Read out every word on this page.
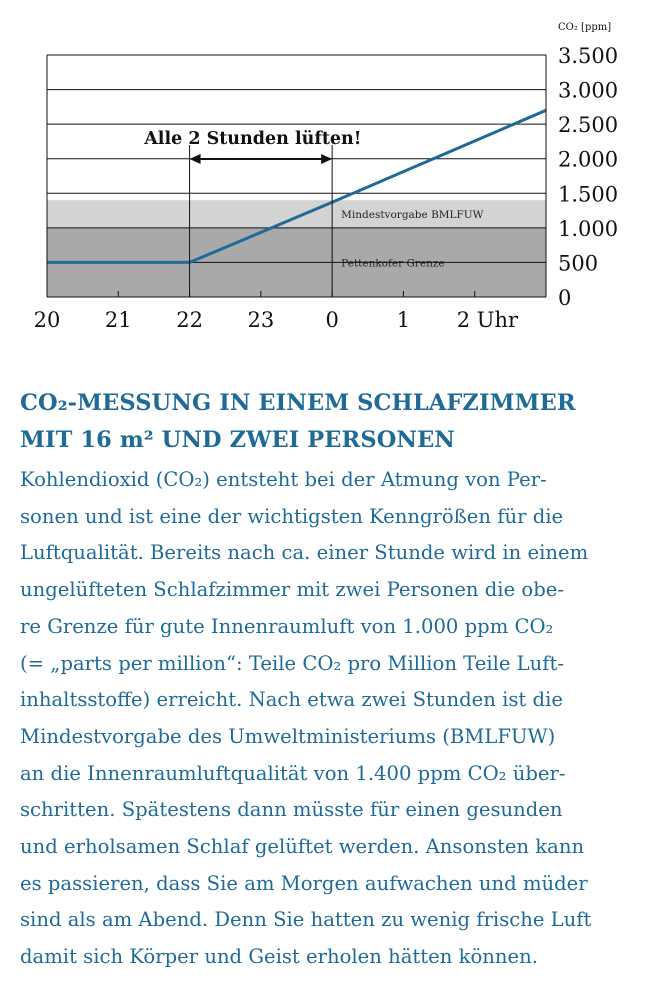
Pettenkofer Grenze
Mindestvorgabe BMLFUW
Alle 2 Stunden lüften!
3.500
3.000
2.500
2.000
1.500
1.000
500
0
CO₂ [ppm]
20 21 22 23 0	1 2 Uhr
CO₂-MESSUNG IN EINEM SCHLAFZIMMER
MIT 16 m² UND ZWEI PERSONEN

Kohlendioxid (CO₂) entsteht bei der Atmung von Per-
sonen und ist eine der wichtigsten Kenngrößen für die
Luftqualität. Bereits nach ca. einer Stunde wird in einem
ungelüfteten Schlafzimmer mit zwei Personen die obe-
re Grenze für gute Innenraumluft von 1.000 ppm CO₂
(= „parts per million“: Teile CO₂ pro Million Teile Luft-
inhaltsstoffe) erreicht. Nach etwa zwei Stunden ist die
Mindestvorgabe des Umweltministeriums (BMLFUW)
an die Innenraumluftqualität von 1.400 ppm CO₂ über-
schritten. Spätestens dann müsste für einen gesunden
und erholsamen Schlaf gelüftet werden. Ansonsten kann
es passieren, dass Sie am Morgen aufwachen und müder
sind als am Abend. Denn Sie hatten zu wenig frische Luft
damit sich Körper und Geist erholen hätten können.
